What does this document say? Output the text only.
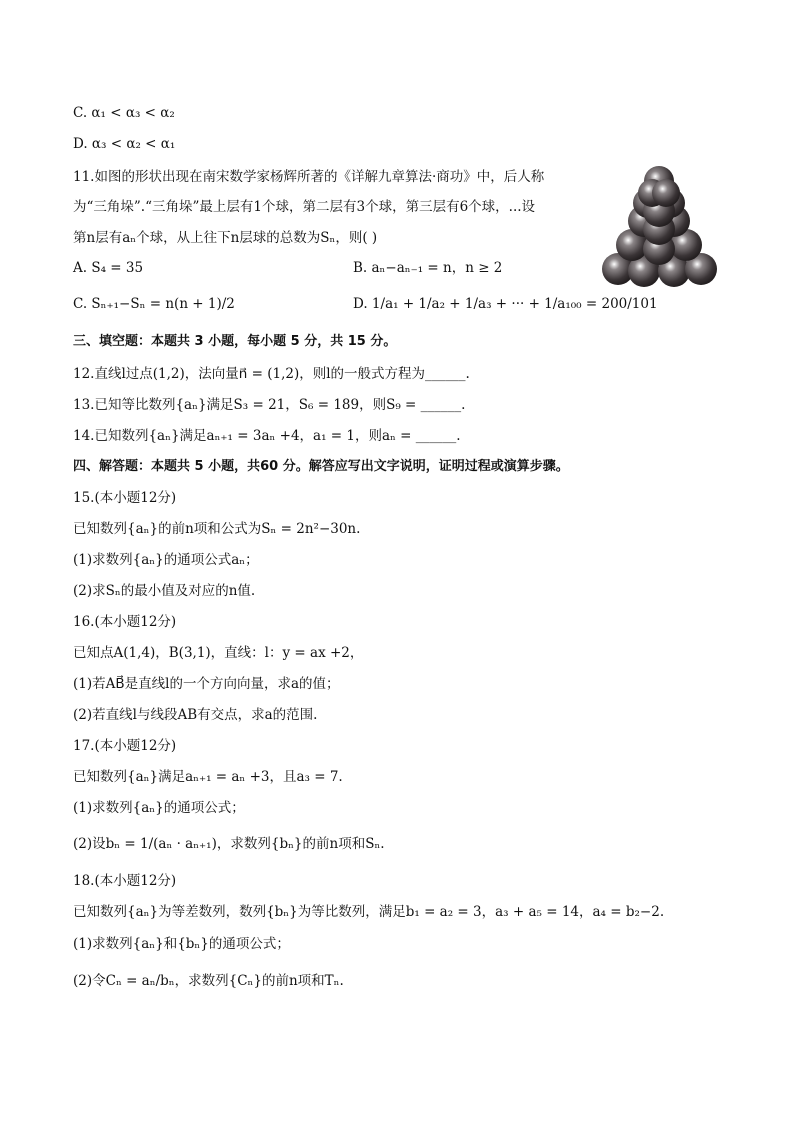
C. α₁ < α₃ < α₂
D. α₃ < α₂ < α₁
11.如图的形状出现在南宋数学家杨辉所著的《详解九章算法·商功》中，后人称
为“三角垛”.“三角垛”最上层有1个球，第二层有3个球，第三层有6个球，...设
第n层有aₙ个球，从上往下n层球的总数为Sₙ，则( )
A. S₄ = 35	B. aₙ−aₙ₋₁ = n，n ≥ 2
C. Sₙ₊₁−Sₙ = n(n + 1)/2	D. 1/a₁ + 1/a₂ + 1/a₃ + ··· + 1/a₁₀₀ = 200/101
三、填空题：本题共 3 小题，每小题 5 分，共 15 分。
12.直线l过点(1,2)，法向量n⃗ = (1,2)，则l的一般式方程为______.
13.已知等比数列{aₙ}满足S₃ = 21，S₆ = 189，则S₉ = ______.
14.已知数列{aₙ}满足aₙ₊₁ = 3aₙ +4，a₁ = 1，则aₙ = ______.
四、解答题：本题共 5 小题，共60 分。解答应写出文字说明，证明过程或演算步骤。
15.(本小题12分)
已知数列{aₙ}的前n项和公式为Sₙ = 2n²−30n.
(1)求数列{aₙ}的通项公式aₙ；
(2)求Sₙ的最小值及对应的n值.
16.(本小题12分)
已知点A(1,4)，B(3,1)，直线：l：y = ax +2，
(1)若AB⃗是直线l的一个方向向量，求a的值；
(2)若直线l与线段AB有交点，求a的范围.
17.(本小题12分)
已知数列{aₙ}满足aₙ₊₁ = aₙ +3，且a₃ = 7.
(1)求数列{aₙ}的通项公式；
(2)设bₙ = 1/(aₙ · aₙ₊₁)，求数列{bₙ}的前n项和Sₙ.
18.(本小题12分)
已知数列{aₙ}为等差数列，数列{bₙ}为等比数列，满足b₁ = a₂ = 3，a₃ + a₅ = 14，a₄ = b₂−2.
(1)求数列{aₙ}和{bₙ}的通项公式；
(2)令Cₙ = aₙ/bₙ，求数列{Cₙ}的前n项和Tₙ.
